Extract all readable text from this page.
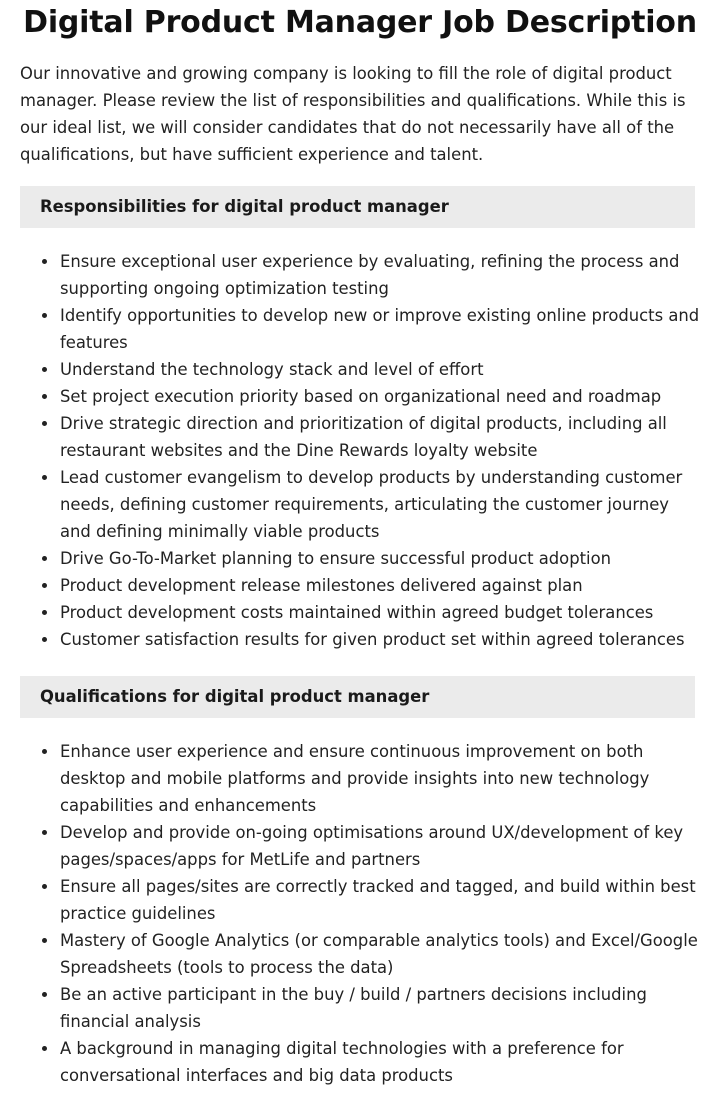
Digital Product Manager Job Description

Our innovative and growing company is looking to fill the role of digital product manager. Please review the list of responsibilities and qualifications. While this is our ideal list, we will consider candidates that do not necessarily have all of the qualifications, but have sufficient experience and talent.

Responsibilities for digital product manager
Ensure exceptional user experience by evaluating, refining the process and supporting ongoing optimization testing
Identify opportunities to develop new or improve existing online products and features
Understand the technology stack and level of effort
Set project execution priority based on organizational need and roadmap
Drive strategic direction and prioritization of digital products, including all restaurant websites and the Dine Rewards loyalty website
Lead customer evangelism to develop products by understanding customer needs, defining customer requirements, articulating the customer journey and defining minimally viable products
Drive Go-To-Market planning to ensure successful product adoption
Product development release milestones delivered against plan
Product development costs maintained within agreed budget tolerances
Customer satisfaction results for given product set within agreed tolerances
Qualifications for digital product manager
Enhance user experience and ensure continuous improvement on both desktop and mobile platforms and provide insights into new technology capabilities and enhancements
Develop and provide on-going optimisations around UX/development of key pages/spaces/apps for MetLife and partners
Ensure all pages/sites are correctly tracked and tagged, and build within best practice guidelines
Mastery of Google Analytics (or comparable analytics tools) and Excel/Google Spreadsheets (tools to process the data)
Be an active participant in the buy / build / partners decisions including financial analysis
A background in managing digital technologies with a preference for conversational interfaces and big data products
